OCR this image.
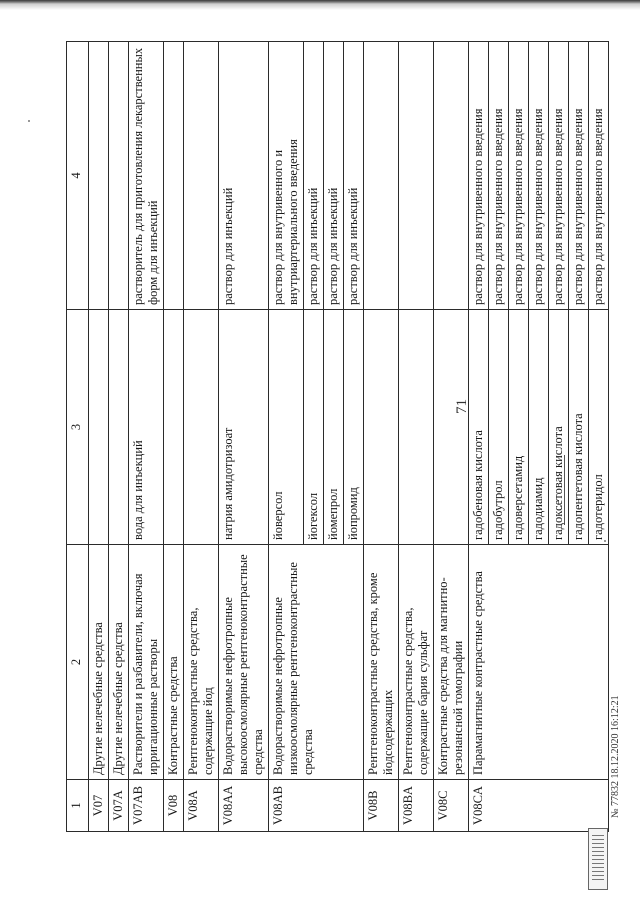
71
1	2	3	4
V07	Другие нелечебные средства		
V07A	Другие нелечебные средства		
V07AB	Растворители и разбавители, включая ирригационные растворы	вода для инъекций	растворитель для приготовления лекарственных форм для инъекций
V08	Контрастные средства		
V08A	Рентгеноконтрастные средства, содержащие йод		
V08AA	Водорастворимые нефротропные высокоосмолярные рентгеноконтрастные средства	натрия амидотризоат	раствор для инъекций
V08AB	Водорастворимые нефротропные низкоосмолярные рентгеноконтрастные средства	йоверсол	раствор для внутривенного и внутриартериального введения
		йогексол	раствор для инъекций
		йомепрол	раствор для инъекций
		йопромид	раствор для инъекций
V08B	Рентгеноконтрастные средства, кроме йодсодержащих		
V08BA	Рентгеноконтрастные средства, содержащие бария сульфат		
V08C	Контрастные средства для магнитно-резонансной томографии		
V08CA	Парамагнитные контрастные средства	гадобеновая кислота	раствор для внутривенного введения
		гадобутрол	раствор для внутривенного введения
		гадоверсетамид	раствор для внутривенного введения
		гадодиамид	раствор для внутривенного введения
		гадоксетовая кислота	раствор для внутривенного введения
		гадопентетовая кислота	раствор для внутривенного введения
		гадотеридол	раствор для внутривенного введения
№ 77832 18.12.2020 16:12:21
